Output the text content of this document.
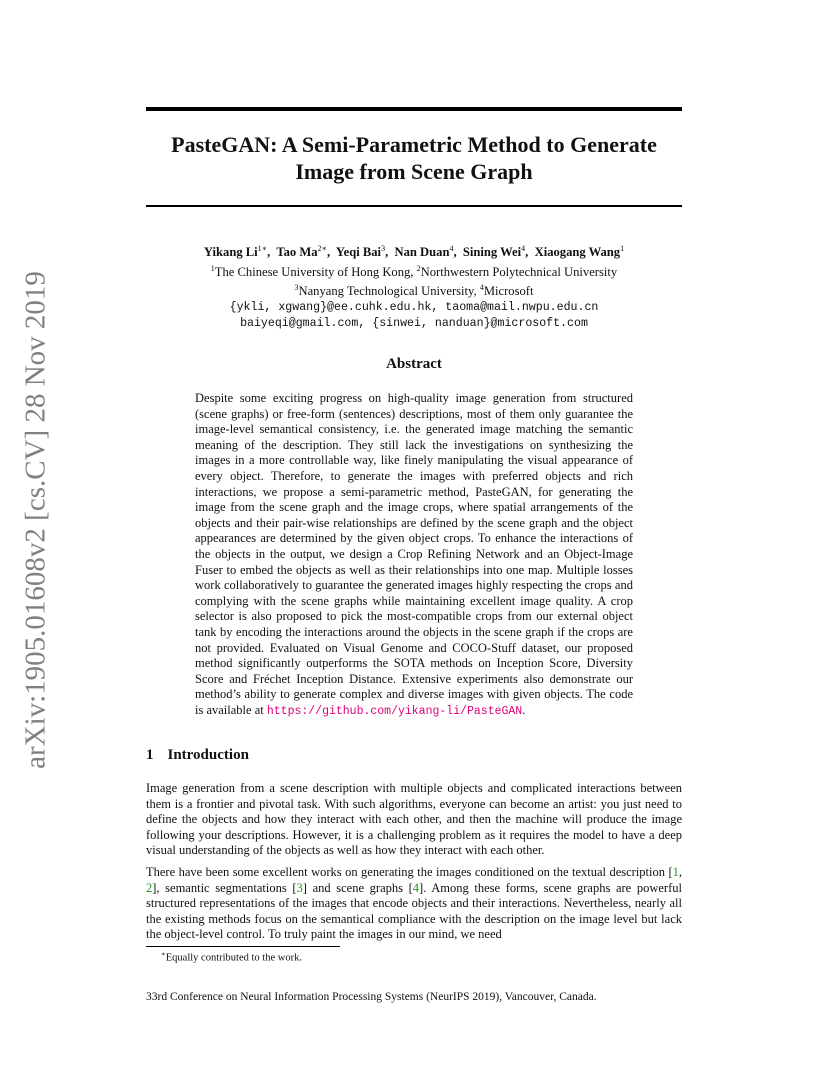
arXiv:1905.01608v2 [cs.CV] 28 Nov 2019
PasteGAN: A Semi-Parametric Method to Generate
Image from Scene Graph
Yikang $Li^{1∗}$,  Tao $Ma^{2∗}$,  Yeqi Bai$^3$,  Nan Duan$^4$,  Sining Wei$^4$,  Xiaogang Wang$^1$
$^1$The Chinese University of Hong Kong, $^2$Northwestern Polytechnical University
$^3$Nanyang Technological University, $^4$Microsoft
{ykli, xgwang}@ee.cuhk.edu.hk, taoma@mail.nwpu.edu.cn
baiyeqi@gmail.com, {sinwei, nanduan}@microsoft.com
Abstract
Despite some exciting progress on high-quality image generation from structured (scene graphs) or free-form (sentences) descriptions, most of them only guarantee the image-level semantical consistency, i.e. the generated image matching the semantic meaning of the description. They still lack the investigations on synthesizing the images in a more controllable way, like finely manipulating the visual appearance of every object. Therefore, to generate the images with preferred objects and rich interactions, we propose a semi-parametric method, PasteGAN, for generating the image from the scene graph and the image crops, where spatial arrangements of the objects and their pair-wise relationships are defined by the scene graph and the object appearances are determined by the given object crops. To enhance the interactions of the objects in the output, we design a Crop Refining Network and an Object-Image Fuser to embed the objects as well as their relationships into one map. Multiple losses work collaboratively to guarantee the generated images highly respecting the crops and complying with the scene graphs while maintaining excellent image quality. A crop selector is also proposed to pick the most-compatible crops from our external object tank by encoding the interactions around the objects in the scene graph if the crops are not provided. Evaluated on Visual Genome and COCO-Stuff dataset, our proposed method significantly outperforms the SOTA methods on Inception Score, Diversity Score and Fréchet Inception Distance. Extensive experiments also demonstrate our method’s ability to generate complex and diverse images with given objects. The code is available at https://github.com/yikang-li/PasteGAN.
1 Introduction

Image generation from a scene description with multiple objects and complicated interactions between them is a frontier and pivotal task. With such algorithms, everyone can become an artist: you just need to define the objects and how they interact with each other, and then the machine will produce the image following your descriptions. However, it is a challenging problem as it requires the model to have a deep visual understanding of the objects as well as how they interact with each other.

There have been some excellent works on generating the images conditioned on the textual description [1, 2], semantic segmentations [3] and scene graphs [4]. Among these forms, scene graphs are powerful structured representations of the images that encode objects and their interactions. Nevertheless, nearly all the existing methods focus on the semantical compliance with the description on the image level but lack the object-level control. To truly paint the images in our mind, we need

∗Equally contributed to the work.
33rd Conference on Neural Information Processing Systems (NeurIPS 2019), Vancouver, Canada.
